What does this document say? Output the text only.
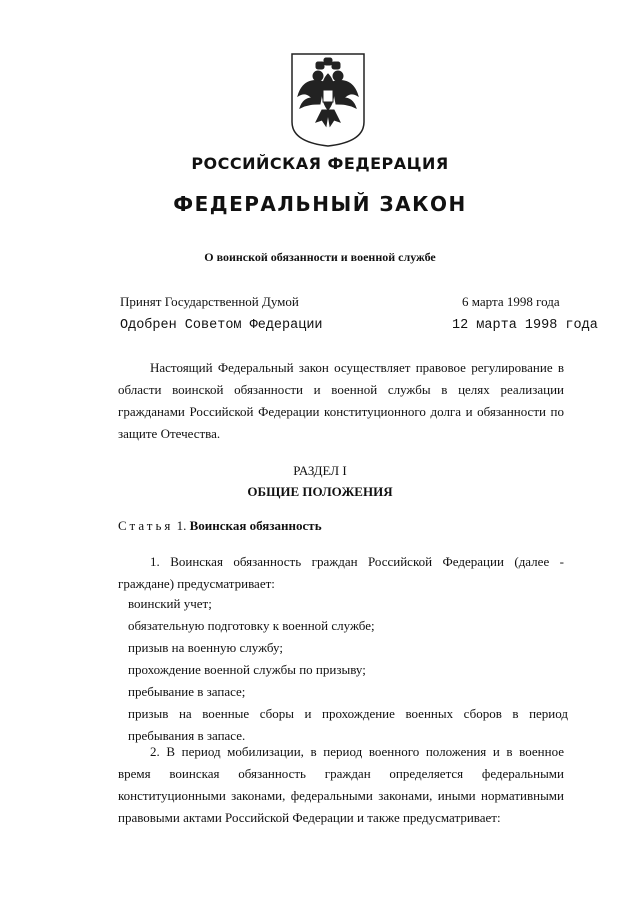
РОССИЙСКАЯ ФЕДЕРАЦИЯ
ФЕДЕРАЛЬНЫЙ ЗАКОН
О воинской обязанности и военной службе
Принят Государственной Думой	6 марта 1998 года
Одобрен Советом Федерации	12 марта 1998 года

Настоящий Федеральный закон осуществляет правовое регулирование в области воинской обязанности и военной службы в целях реализации гражданами Российской Федерации конституционного долга и обязанности по защите Отечества.

РАЗДЕЛ I
ОБЩИЕ ПОЛОЖЕНИЯ
Статья 1. Воинская обязанность

1. Воинская обязанность граждан Российской Федерации (далее - граждане) предусматривает:

воинский учет;
обязательную подготовку к военной службе;
призыв на военную службу;
прохождение военной службы по призыву;
пребывание в запасе;
призыв на военные сборы и прохождение военных сборов в период пребывания в запасе.

2. В период мобилизации, в период военного положения и в военное время воинская обязанность граждан определяется федеральными конституционными законами, федеральными законами, иными нормативными правовыми актами Российской Федерации и также предусматривает:
